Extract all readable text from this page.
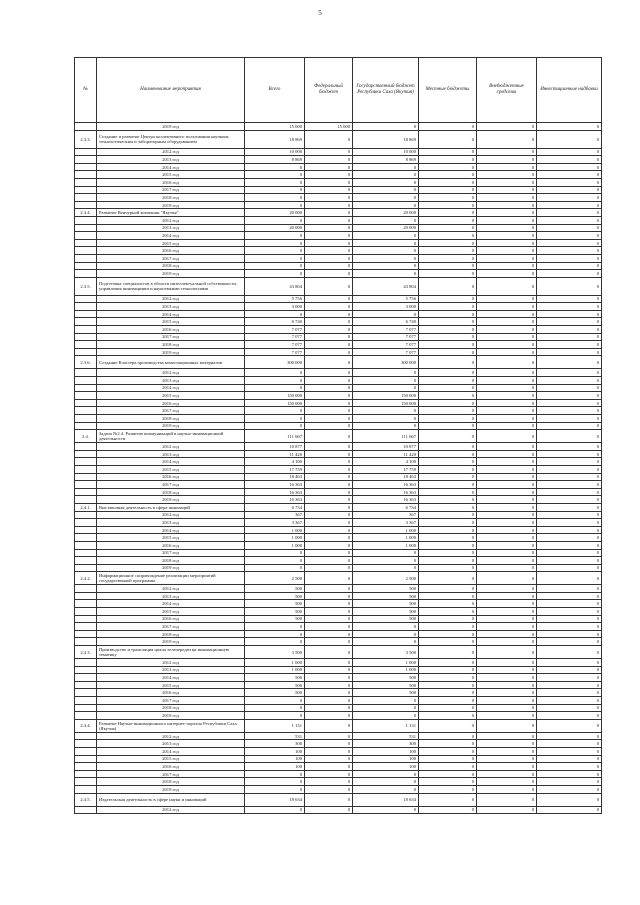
5
№	Наименование мероприятия	Всего	Федеральный бюджет	Государственный бюджет Республики Саха (Якутия)	Местные бюджеты	Внебюджетные средства	Инвестиционные надбавки
	2019 год	15 000	15 000	0	0	0	0
2.3.3.	Создание и развитие Центра коллективного пользования научным, технологическим и лабораторным оборудованием	18 869	0	18 869	0	0	0
	2012 год	10 000	0	10 000	0	0	0
	2013 год	8 869	0	8 869	0	0	0
	2014 год	0	0	0	0	0	0
	2015 год	0	0	0	0	0	0
	2016 год	0	0	0	0	0	0
	2017 год	0	0	0	0	0	0
	2018 год	0	0	0	0	0	0
	2019 год	0	0	0	0	0	0
2.3.4.	Развитие Венчурной компании "Якутия"	20 000	0	20 000	0	0	0
	2012 год	0	0	0	0	0	0
	2013 год	20 000	0	20 000	0	0	0
	2014 год	0	0	0	0	0	0
	2015 год	0	0	0	0	0	0
	2016 год	0	0	0	0	0	0
	2017 год	0	0	0	0	0	0
	2018 год	0	0	0	0	0	0
	2019 год	0	0	0	0	0	0
2.3.5.	Подготовка специалистов в области интеллектуальной собственности, управления инновациями и наукоемкими технологиями	43 804	0	43 804	0	0	0
	2012 год	5 756	0	5 756	0	0	0
	2013 год	3 000	0	3 000	0	0	0
	2014 год	0	0	0	0	0	0
	2015 год	6 740	0	6 740	0	0	0
	2016 год	7 077	0	7 077	0	0	0
	2017 год	7 077	0	7 077	0	0	0
	2018 год	7 077	0	7 077	0	0	0
	2019 год	7 077	0	7 077	0	0	0
2.3.6.	Создание Кластера производства композиционных материалов	300 000	0	300 000	0	0	0
	2012 год	0	0	0	0	0	0
	2013 год	0	0	0	0	0	0
	2014 год	0	0	0	0	0	0
	2015 год	150 000	0	150 000	0	0	0
	2016 год	150 000	0	150 000	0	0	0
	2017 год	0	0	0	0	0	0
	2018 год	0	0	0	0	0	0
	2019 год	0	0	0	0	0	0
2.4.	Задача №2.4. Развитие коммуникаций в научно-инновационной деятельности	111 667	0	111 667	0	0	0
	2012 год	10 877	0	10 877	0	0	0
	2013 год	11 420	0	11 420	0	0	0
	2014 год	4 100	0	4 100	0	0	0
	2015 год	17 759	0	17 759	0	0	0
	2016 год	18 463	0	18 463	0	0	0
	2017 год	16 363	0	16 363	0	0	0
	2018 год	16 363	0	16 363	0	0	0
	2019 год	16 363	0	16 363	0	0	0
2.4.1.	Выставочная деятельность в сфере инноваций	6 734	0	6 734	0	0	0
	2012 год	367	0	367	0	0	0
	2013 год	3 367	0	3 367	0	0	0
	2014 год	1 000	0	1 000	0	0	0
	2015 год	1 000	0	1 000	0	0	0
	2016 год	1 000	0	1 000	0	0	0
	2017 год	0	0	0	0	0	0
	2018 год	0	0	0	0	0	0
	2019 год	0	0	0	0	0	0
2.4.2.	Информационное сопровождение реализации мероприятий государственной программы	2 500	0	2 500	0	0	0
	2012 год	500	0	500	0	0	0
	2013 год	500	0	500	0	0	0
	2014 год	500	0	500	0	0	0
	2015 год	500	0	500	0	0	0
	2016 год	500	0	500	0	0	0
	2017 год	0	0	0	0	0	0
	2018 год	0	0	0	0	0	0
	2019 год	0	0	0	0	0	0
2.4.3.	Производство и трансляция цикла телепередач на инновационную тематику	3 500	0	3 500	0	0	0
	2012 год	1 000	0	1 000	0	0	0
	2013 год	1 000	0	1 000	0	0	0
	2014 год	500	0	500	0	0	0
	2015 год	500	0	500	0	0	0
	2016 год	500	0	500	0	0	0
	2017 год	0	0	0	0	0	0
	2018 год	0	0	0	0	0	0
	2019 год	0	0	0	0	0	0
2.4.4.	Развитие Научно-инновационного интернет-портала Республики Саха (Якутия)	1 131	0	1 131	0	0	0
	2012 год	531	0	531	0	0	0
	2013 год	300	0	300	0	0	0
	2014 год	100	0	100	0	0	0
	2015 год	100	0	100	0	0	0
	2016 год	100	0	100	0	0	0
	2017 год	0	0	0	0	0	0
	2018 год	0	0	0	0	0	0
	2019 год	0	0	0	0	0	0
2.4.5.	Издательская деятельность в сфере науки и инноваций	18 634	0	18 634	0	0	0
	2012 год	0	0	0	0	0	0
